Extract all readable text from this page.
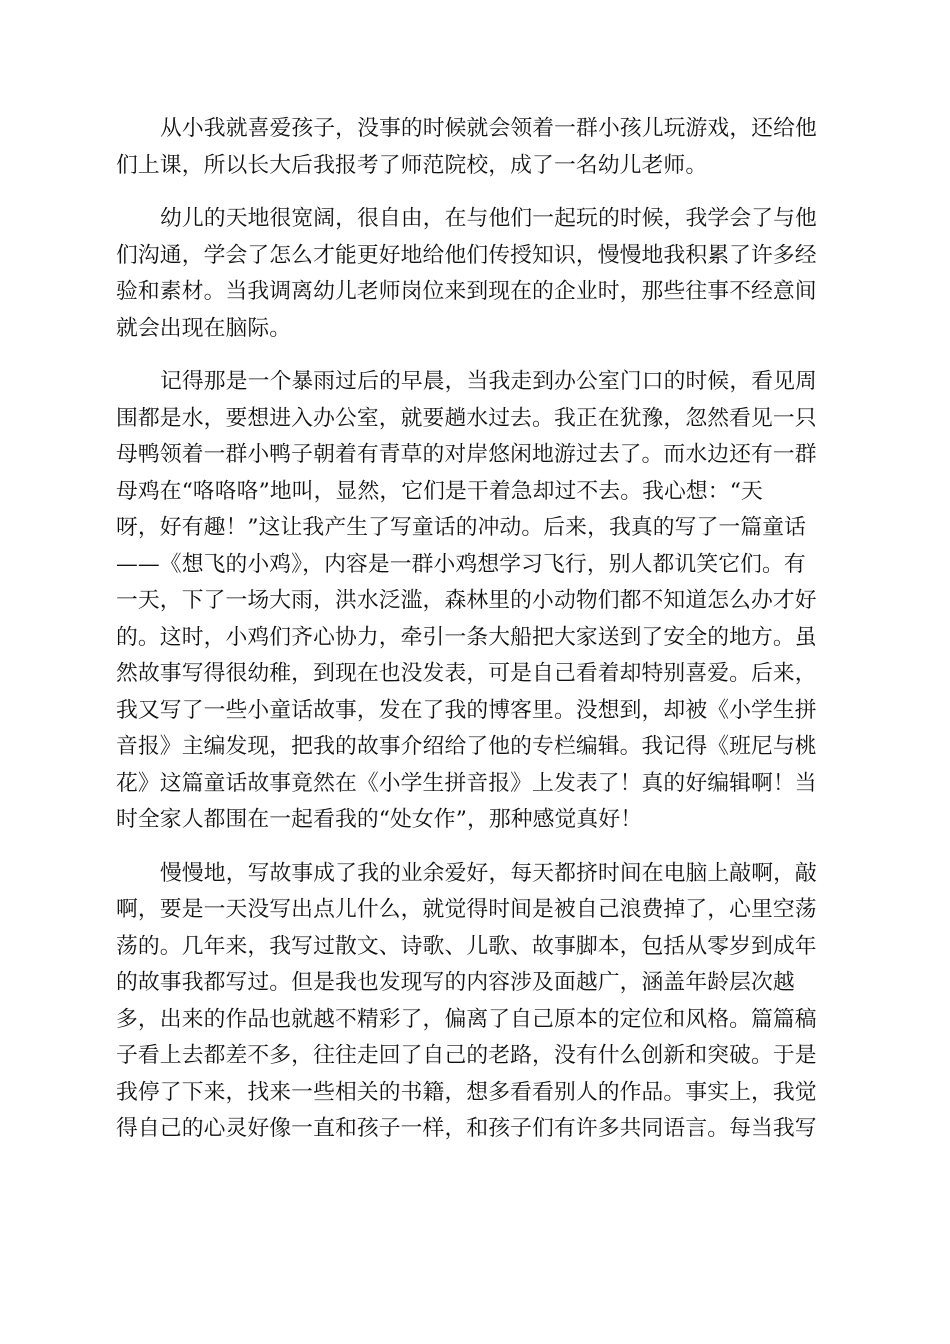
从小我就喜爱孩子，没事的时候就会领着一群小孩儿玩游戏，还给他
们上课，所以长大后我报考了师范院校，成了一名幼儿老师。

幼儿的天地很宽阔，很自由，在与他们一起玩的时候，我学会了与他
们沟通，学会了怎么才能更好地给他们传授知识，慢慢地我积累了许多经
验和素材。当我调离幼儿老师岗位来到现在的企业时，那些往事不经意间
就会出现在脑际。

记得那是一个暴雨过后的早晨，当我走到办公室门口的时候，看见周
围都是水，要想进入办公室，就要趟水过去。我正在犹豫，忽然看见一只
母鸭领着一群小鸭子朝着有青草的对岸悠闲地游过去了。而水边还有一群
母鸡在“咯咯咯”地叫，显然，它们是干着急却过不去。我心想：“天
呀，好有趣！”这让我产生了写童话的冲动。后来，我真的写了一篇童话
——《想飞的小鸡》，内容是一群小鸡想学习飞行，别人都讥笑它们。有
一天，下了一场大雨，洪水泛滥，森林里的小动物们都不知道怎么办才好
的。这时，小鸡们齐心协力，牵引一条大船把大家送到了安全的地方。虽
然故事写得很幼稚，到现在也没发表，可是自己看着却特别喜爱。后来，
我又写了一些小童话故事，发在了我的博客里。没想到，却被《小学生拼
音报》主编发现，把我的故事介绍给了他的专栏编辑。我记得《班尼与桃
花》这篇童话故事竟然在《小学生拼音报》上发表了！真的好编辑啊！当
时全家人都围在一起看我的“处女作”，那种感觉真好！

慢慢地，写故事成了我的业余爱好，每天都挤时间在电脑上敲啊，敲
啊，要是一天没写出点儿什么，就觉得时间是被自己浪费掉了，心里空荡
荡的。几年来，我写过散文、诗歌、儿歌、故事脚本，包括从零岁到成年
的故事我都写过。但是我也发现写的内容涉及面越广，涵盖年龄层次越
多，出来的作品也就越不精彩了，偏离了自己原本的定位和风格。篇篇稿
子看上去都差不多，往往走回了自己的老路，没有什么创新和突破。于是
我停了下来，找来一些相关的书籍，想多看看别人的作品。事实上，我觉
得自己的心灵好像一直和孩子一样，和孩子们有许多共同语言。每当我写
